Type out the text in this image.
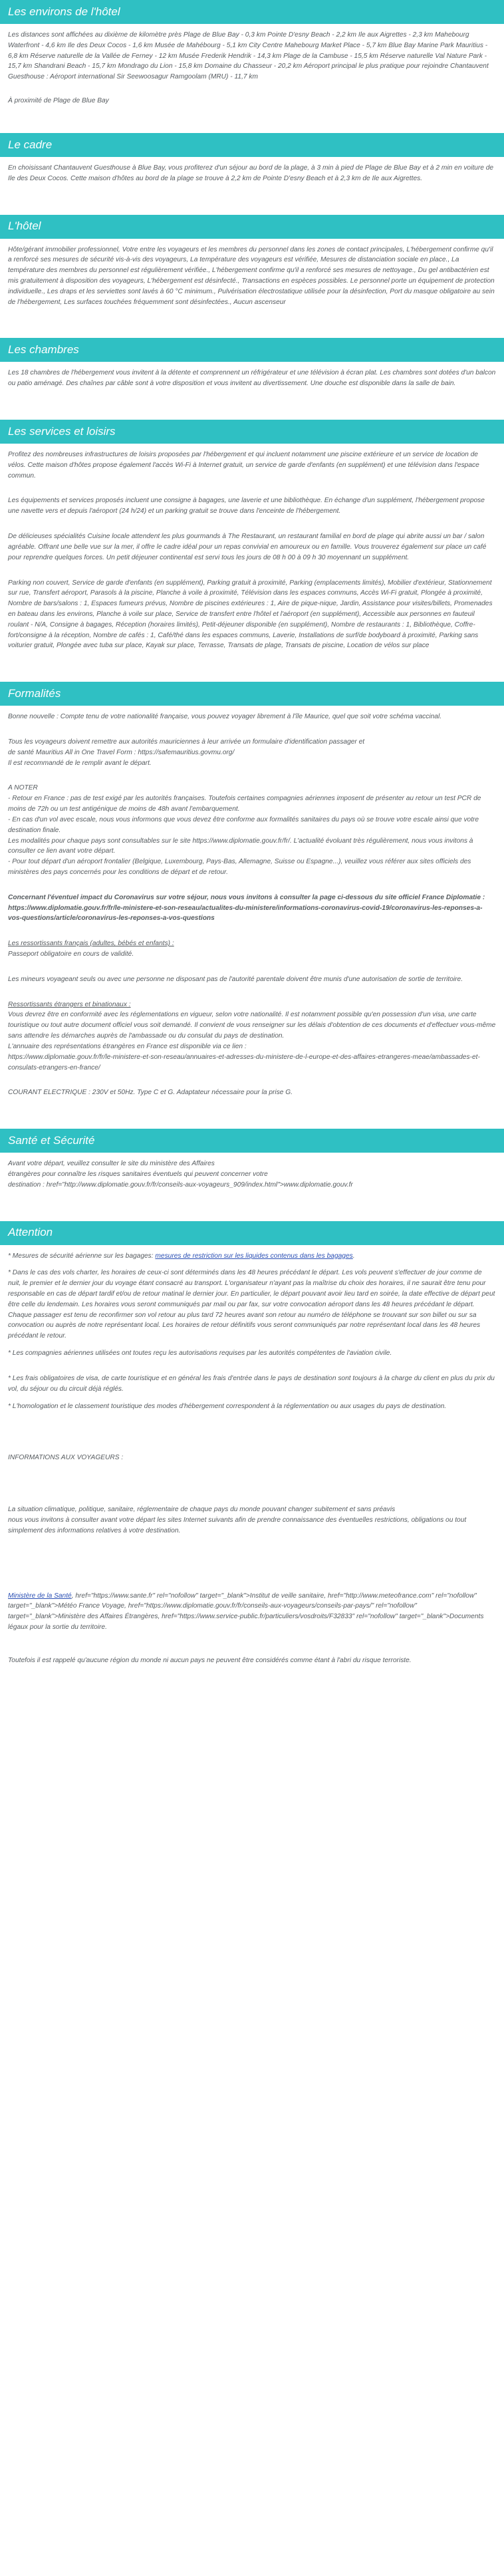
Les environs de l'hôtel

Les distances sont affichées au dixième de kilomètre près Plage de Blue Bay - 0,3 km Pointe D'esny Beach - 2,2 km Ile aux Aigrettes - 2,3 km Mahebourg Waterfront - 4,6 km Ile des Deux Cocos - 1,6 km Musée de Mahébourg - 5,1 km City Centre Mahebourg Market Place - 5,7 km Blue Bay Marine Park Mauritius - 6,8 km Réserve naturelle de la Vallée de Ferney - 12 km Musée Frederik Hendrik - 14,3 km Plage de la Cambuse - 15,5 km Réserve naturelle Val Nature Park - 15,7 km Shandrani Beach - 15,7 km Mondrago du Lion - 15,8 km Domaine du Chasseur - 20,2 km Aéroport principal le plus pratique pour rejoindre Chantauvent Guesthouse : Aéroport international Sir Seewoosagur Ramgoolam (MRU) - 11,7 km

À proximité de Plage de Blue Bay

Le cadre

En choisissant Chantauvent Guesthouse à Blue Bay, vous profiterez d'un séjour au bord de la plage, à 3 min à pied de Plage de Blue Bay et à 2 min en voiture de Ile des Deux Cocos. Cette maison d'hôtes au bord de la plage se trouve à 2,2 km de Pointe D'esny Beach et à 2,3 km de Ile aux Aigrettes.

L'hôtel

Hôte/gérant immobilier professionnel, Votre entre les voyageurs et les membres du personnel dans les zones de contact principales, L'hébergement confirme qu'il a renforcé ses mesures de sécurité vis-à-vis des voyageurs, La température des voyageurs est vérifiée, Mesures de distanciation sociale en place., La température des membres du personnel est régulièrement vérifiée., L'hébergement confirme qu'il a renforcé ses mesures de nettoyage., Du gel antibactérien est mis gratuitement à disposition des voyageurs, L'hébergement est désinfecté., Transactions en espèces possibles. Le personnel porte un équipement de protection individuelle., Les draps et les serviettes sont lavés à 60 °C minimum., Pulvérisation électrostatique utilisée pour la désinfection, Port du masque obligatoire au sein de l'hébergement, Les surfaces touchées fréquemment sont désinfectées., Aucun ascenseur

Les chambres

Les 18 chambres de l'hébergement vous invitent à la détente et comprennent un réfrigérateur et une télévision à écran plat. Les chambres sont dotées d'un balcon ou patio aménagé. Des chaînes par câble sont à votre disposition et vous invitent au divertissement. Une douche est disponible dans la salle de bain.

Les services et loisirs

Profitez des nombreuses infrastructures de loisirs proposées par l'hébergement et qui incluent notamment une piscine extérieure et un service de location de vélos. Cette maison d'hôtes propose également l'accès Wi-Fi à Internet gratuit, un service de garde d'enfants (en supplément) et une télévision dans l'espace commun.

Les équipements et services proposés incluent une consigne à bagages, une laverie et une bibliothèque. En échange d'un supplément, l'hébergement propose une navette vers et depuis l'aéroport (24 h/24) et un parking gratuit se trouve dans l'enceinte de l'hébergement.

De délicieuses spécialités Cuisine locale attendent les plus gourmands à The Restaurant, un restaurant familial en bord de plage qui abrite aussi un bar / salon agréable. Offrant une belle vue sur la mer, il offre le cadre idéal pour un repas convivial en amoureux ou en famille. Vous trouverez également sur place un café pour reprendre quelques forces. Un petit déjeuner continental est servi tous les jours de 08 h 00 à 09 h 30 moyennant un supplément.

Parking non couvert, Service de garde d'enfants (en supplément), Parking gratuit à proximité, Parking (emplacements limités), Mobilier d'extérieur, Stationnement sur rue, Transfert aéroport, Parasols à la piscine, Planche à voile à proximité, Télévision dans les espaces communs, Accès Wi-Fi gratuit, Plongée à proximité, Nombre de bars/salons : 1, Espaces fumeurs prévus, Nombre de piscines extérieures : 1, Aire de pique-nique, Jardin, Assistance pour visites/billets, Promenades en bateau dans les environs, Planche à voile sur place, Service de transfert entre l'hôtel et l'aéroport (en supplément), Accessible aux personnes en fauteuil roulant - N/A, Consigne à bagages, Réception (horaires limités), Petit-déjeuner disponible (en supplément), Nombre de restaurants : 1, Bibliothèque, Coffre-fort/consigne à la réception, Nombre de cafés : 1, Café/thé dans les espaces communs, Laverie, Installations de surf/de bodyboard à proximité, Parking sans voiturier gratuit, Plongée avec tuba sur place, Kayak sur place, Terrasse, Transats de plage, Transats de piscine, Location de vélos sur place

Formalités

Bonne nouvelle : Compte tenu de votre nationalité française, vous pouvez voyager librement à l'île Maurice, quel que soit votre schéma vaccinal.

Tous les voyageurs doivent remettre aux autorités mauriciennes à leur arrivée un formulaire d'identification passager et
de santé Mauritius All in One Travel Form : https://safemauritius.govmu.org/
Il est recommandé de le remplir avant le départ.

A NOTER
- Retour en France : pas de test exigé par les autorités françaises. Toutefois certaines compagnies aériennes imposent de présenter au retour un test PCR de moins de 72h ou un test antigénique de moins de 48h avant l'embarquement.
- En cas d'un vol avec escale, nous vous informons que vous devez être conforme aux formalités sanitaires du pays où se trouve votre escale ainsi que votre destination finale.
Les modalités pour chaque pays sont consultables sur le site https://www.diplomatie.gouv.fr/fr/. L'actualité évoluant très régulièrement, nous vous invitons à consulter ce lien avant votre départ.
- Pour tout départ d'un aéroport frontalier (Belgique, Luxembourg, Pays-Bas, Allemagne, Suisse ou Espagne...), veuillez vous référer aux sites officiels des ministères des pays concernés pour les conditions de départ et de retour.

Concernant l'éventuel impact du Coronavirus sur votre séjour, nous vous invitons à consulter la page ci-dessous du site officiel France Diplomatie :
https://www.diplomatie.gouv.fr/fr/le-ministere-et-son-reseau/actualites-du-ministere/informations-coronavirus-covid-19/coronavirus-les-reponses-a-vos-questions/article/coronavirus-les-reponses-a-vos-questions

Les ressortissants français (adultes, bébés et enfants) :
Passeport obligatoire en cours de validité.

Les mineurs voyageant seuls ou avec une personne ne disposant pas de l'autorité parentale doivent être munis d'une autorisation de sortie de territoire.

Ressortissants étrangers et binationaux :
Vous devrez être en conformité avec les réglementations en vigueur, selon votre nationalité. Il est notamment possible qu'en possession d'un visa, une carte touristique ou tout autre document officiel vous soit demandé. Il convient de vous renseigner sur les délais d'obtention de ces documents et d'effectuer vous-même sans attendre les démarches auprès de l'ambassade ou du consulat du pays de destination.
L'annuaire des représentations étrangères en France est disponible via ce lien :
https://www.diplomatie.gouv.fr/fr/le-ministere-et-son-reseau/annuaires-et-adresses-du-ministere-de-l-europe-et-des-affaires-etrangeres-meae/ambassades-et-consulats-etrangers-en-france/

COURANT ELECTRIQUE : 230V et 50Hz. Type C et G. Adaptateur nécessaire pour la prise G.

Santé et Sécurité

Avant votre départ, veuillez consulter le site du ministère des Affaires
étrangères pour connaître les risques sanitaires éventuels qui peuvent concerner votre
destination : href="http://www.diplomatie.gouv.fr/fr/conseils-aux-voyageurs_909/index.html">www.diplomatie.gouv.fr

Attention

* Mesures de sécurité aérienne sur les bagages: mesures de restriction sur les liquides contenus dans les bagages.

* Dans le cas des vols charter, les horaires de ceux-ci sont déterminés dans les 48 heures précédant le départ. Les vols peuvent s'effectuer de jour comme de nuit, le premier et le dernier jour du voyage étant consacré au transport. L'organisateur n'ayant pas la maîtrise du choix des horaires, il ne saurait être tenu pour responsable en cas de départ tardif et/ou de retour matinal le dernier jour. En particulier, le départ pouvant avoir lieu tard en soirée, la date effective de départ peut être celle du lendemain. Les horaires vous seront communiqués par mail ou par fax, sur votre convocation aéroport dans les 48 heures précédant le départ. Chaque passager est tenu de reconfirmer son vol retour au plus tard 72 heures avant son retour au numéro de téléphone se trouvant sur son billet ou sur sa convocation ou auprès de notre représentant local. Les horaires de retour définitifs vous seront communiqués par notre représentant local dans les 48 heures précédant le retour.

* Les compagnies aériennes utilisées ont toutes reçu les autorisations requises par les autorités compétentes de l'aviation civile.

* Les frais obligatoires de visa, de carte touristique et en général les frais d'entrée dans le pays de destination sont toujours à la charge du client en plus du prix du vol, du séjour ou du circuit déjà réglés.

* L'homologation et le classement touristique des modes d'hébergement correspondent à la réglementation ou aux usages du pays de destination.

INFORMATIONS AUX VOYAGEURS :

La situation climatique, politique, sanitaire, réglementaire de chaque pays du monde pouvant changer subitement et sans préavis
nous vous invitons à consulter avant votre départ les sites Internet suivants afin de prendre connaissance des éventuelles restrictions, obligations ou tout simplement des informations relatives à votre destination.

Ministère de la Santé, href="https://www.sante.fr" rel="nofollow" target="_blank">Institut de veille sanitaire, href="http://www.meteofrance.com" rel="nofollow" target="_blank">Météo France Voyage, href="https://www.diplomatie.gouv.fr/fr/conseils-aux-voyageurs/conseils-par-pays/" rel="nofollow" target="_blank">Ministère des Affaires Étrangères, href="https://www.service-public.fr/particuliers/vosdroits/F32833" rel="nofollow" target="_blank">Documents légaux pour la sortie du territoire.

Toutefois il est rappelé qu'aucune région du monde ni aucun pays ne peuvent être considérés comme étant à l'abri du risque terroriste.
